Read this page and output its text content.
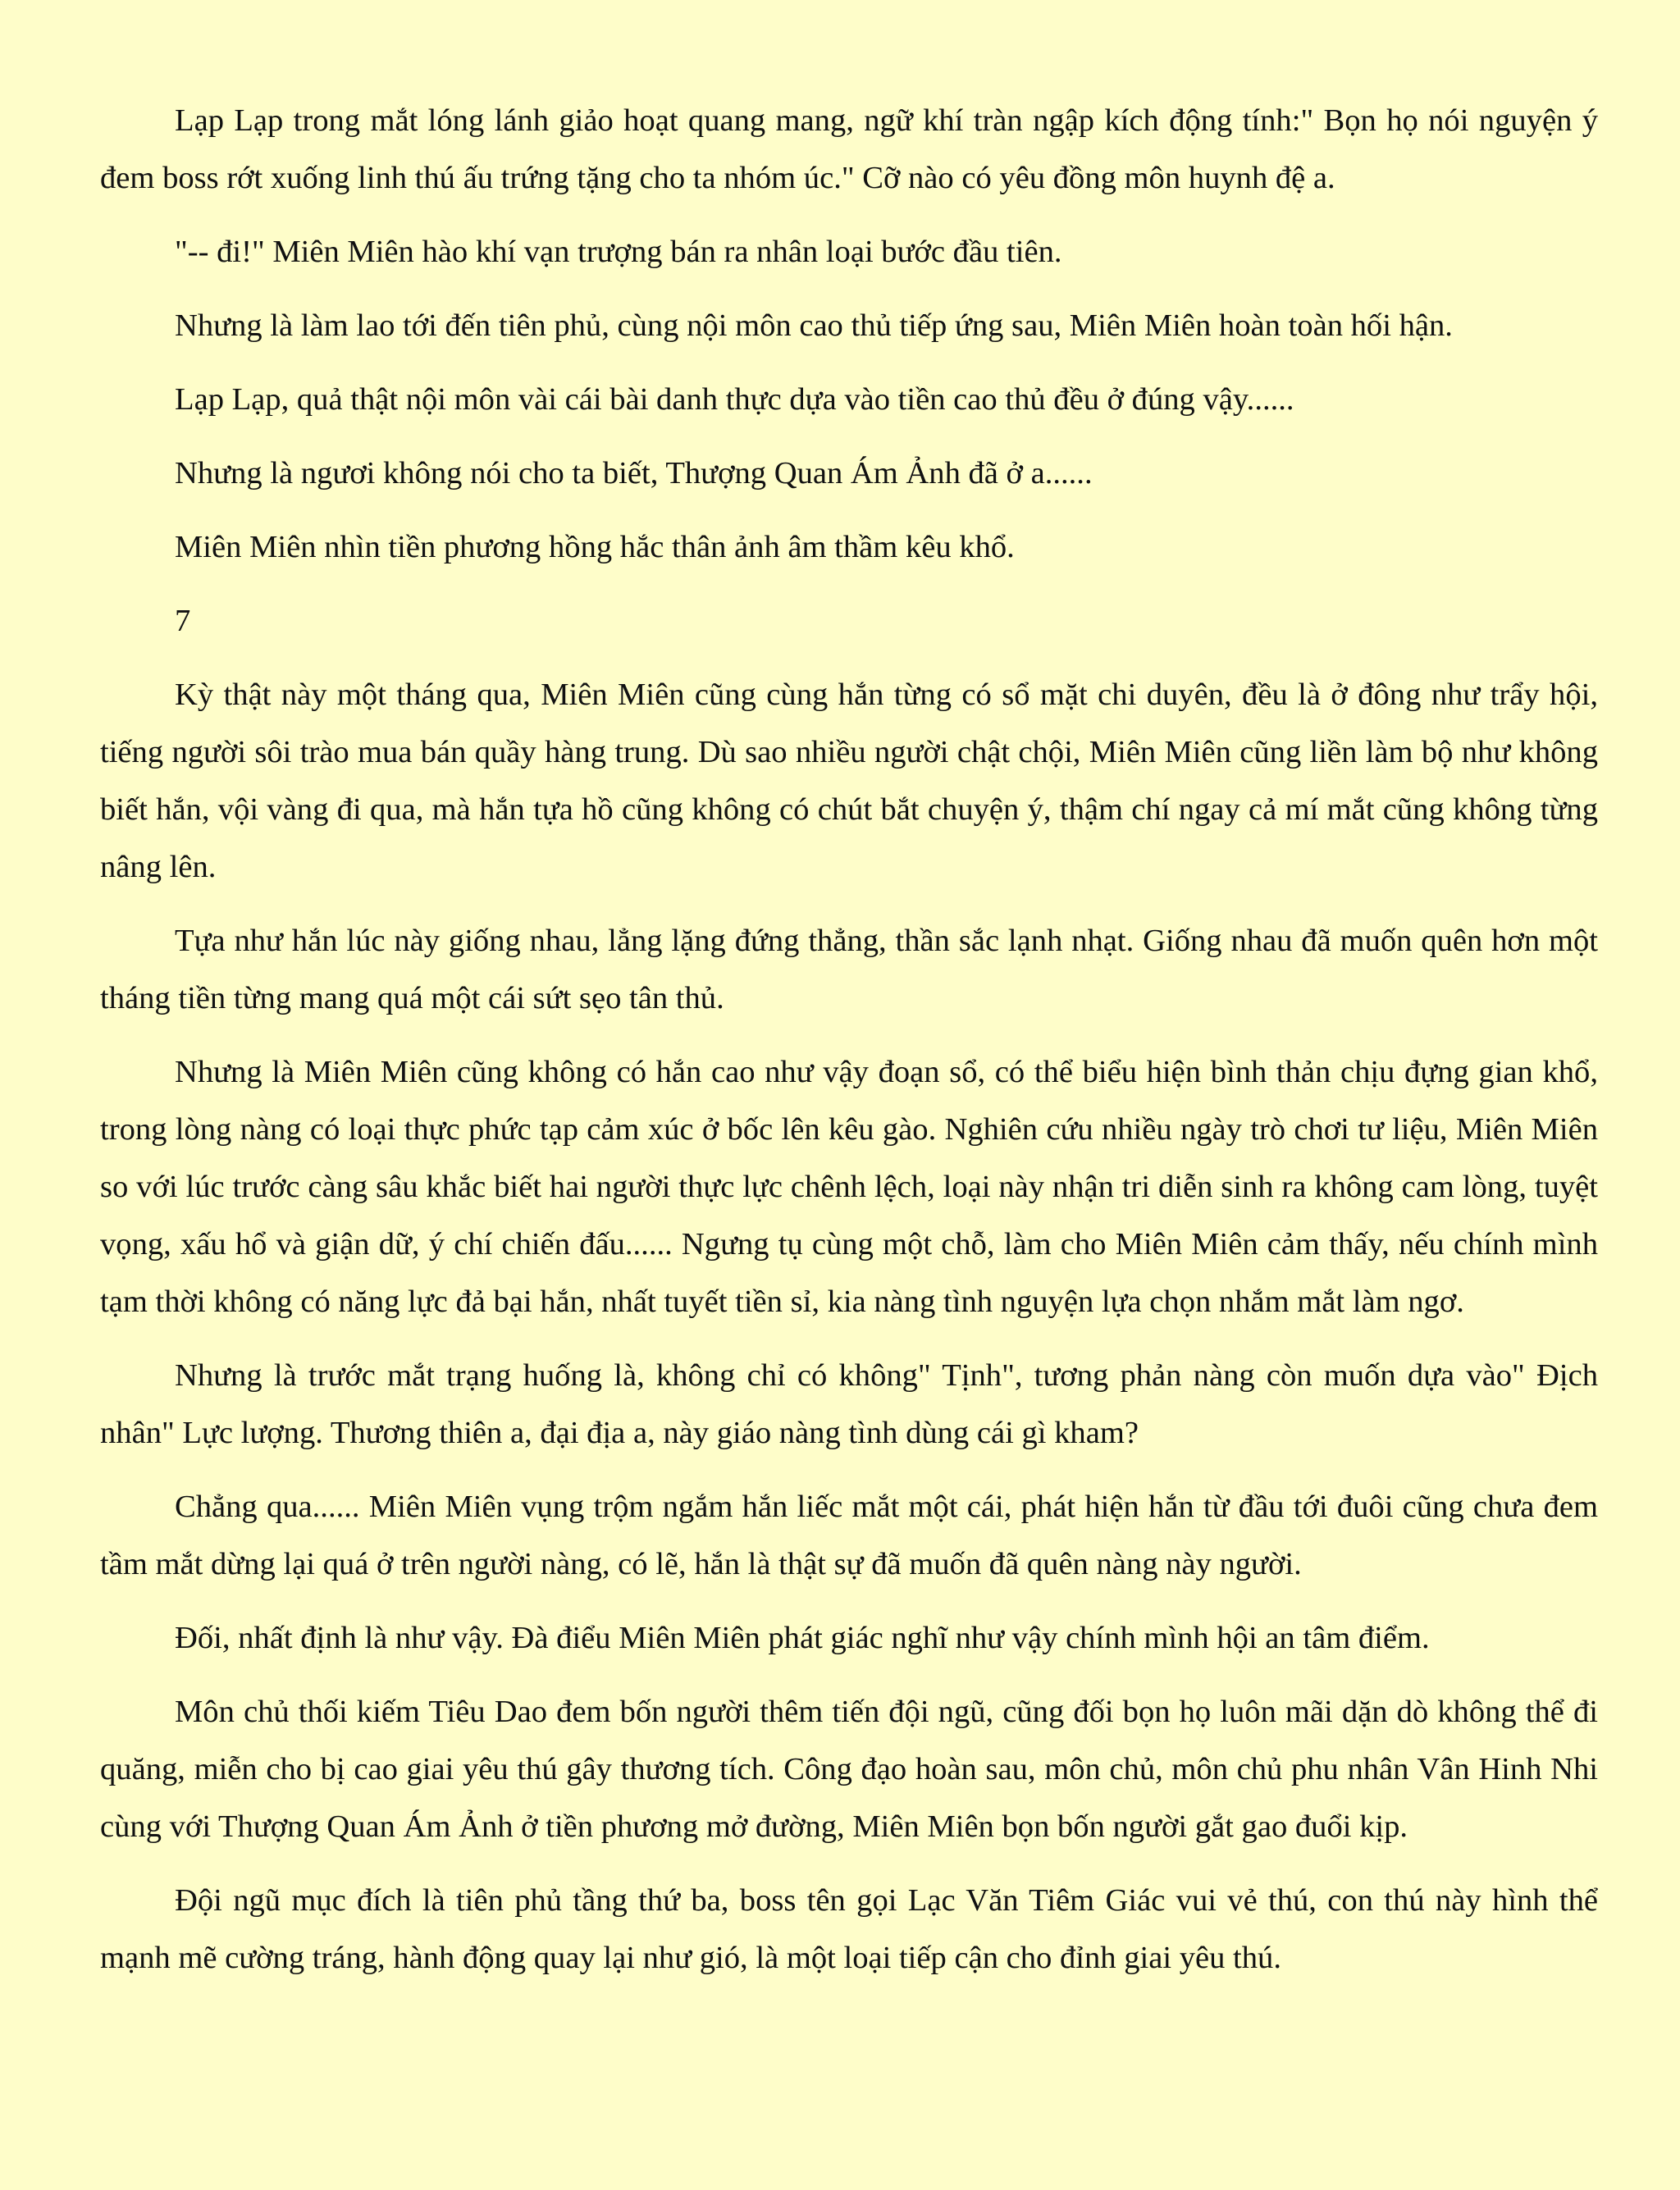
Lạp Lạp trong mắt lóng lánh giảo hoạt quang mang, ngữ khí tràn ngập kích động tính:" Bọn họ nói nguyện ý đem boss rớt xuống linh thú ấu trứng tặng cho ta nhóm úc." Cỡ nào có yêu đồng môn huynh đệ a.

"-- đi!" Miên Miên hào khí vạn trượng bán ra nhân loại bước đầu tiên.

Nhưng là làm lao tới đến tiên phủ, cùng nội môn cao thủ tiếp ứng sau, Miên Miên hoàn toàn hối hận.

Lạp Lạp, quả thật nội môn vài cái bài danh thực dựa vào tiền cao thủ đều ở đúng vậy......

Nhưng là ngươi không nói cho ta biết, Thượng Quan Ám Ảnh đã ở a......

Miên Miên nhìn tiền phương hồng hắc thân ảnh âm thầm kêu khổ.

7

Kỳ thật này một tháng qua, Miên Miên cũng cùng hắn từng có sổ mặt chi duyên, đều là ở đông như trẩy hội, tiếng người sôi trào mua bán quầy hàng trung. Dù sao nhiều người chật chội, Miên Miên cũng liền làm bộ như không biết hắn, vội vàng đi qua, mà hắn tựa hồ cũng không có chút bắt chuyện ý, thậm chí ngay cả mí mắt cũng không từng nâng lên.

Tựa như hắn lúc này giống nhau, lẳng lặng đứng thẳng, thần sắc lạnh nhạt. Giống nhau đã muốn quên hơn một tháng tiền từng mang quá một cái sứt sẹo tân thủ.

Nhưng là Miên Miên cũng không có hắn cao như vậy đoạn sổ, có thể biểu hiện bình thản chịu đựng gian khổ, trong lòng nàng có loại thực phức tạp cảm xúc ở bốc lên kêu gào. Nghiên cứu nhiều ngày trò chơi tư liệu, Miên Miên so với lúc trước càng sâu khắc biết hai người thực lực chênh lệch, loại này nhận tri diễn sinh ra không cam lòng, tuyệt vọng, xấu hổ và giận dữ, ý chí chiến đấu...... Ngưng tụ cùng một chỗ, làm cho Miên Miên cảm thấy, nếu chính mình tạm thời không có năng lực đả bại hắn, nhất tuyết tiền sỉ, kia nàng tình nguyện lựa chọn nhắm mắt làm ngơ.

Nhưng là trước mắt trạng huống là, không chỉ có không" Tịnh", tương phản nàng còn muốn dựa vào" Địch nhân" Lực lượng. Thương thiên a, đại địa a, này giáo nàng tình dùng cái gì kham?

Chẳng qua...... Miên Miên vụng trộm ngắm hắn liếc mắt một cái, phát hiện hắn từ đầu tới đuôi cũng chưa đem tầm mắt dừng lại quá ở trên người nàng, có lẽ, hắn là thật sự đã muốn đã quên nàng này người.

Đối, nhất định là như vậy. Đà điểu Miên Miên phát giác nghĩ như vậy chính mình hội an tâm điểm.

Môn chủ thối kiếm Tiêu Dao đem bốn người thêm tiến đội ngũ, cũng đối bọn họ luôn mãi dặn dò không thể đi quăng, miễn cho bị cao giai yêu thú gây thương tích. Công đạo hoàn sau, môn chủ, môn chủ phu nhân Vân Hinh Nhi cùng với Thượng Quan Ám Ảnh ở tiền phương mở đường, Miên Miên bọn bốn người gắt gao đuổi kịp.

Đội ngũ mục đích là tiên phủ tầng thứ ba, boss tên gọi Lạc Văn Tiêm Giác vui vẻ thú, con thú này hình thể mạnh mẽ cường tráng, hành động quay lại như gió, là một loại tiếp cận cho đỉnh giai yêu thú.
